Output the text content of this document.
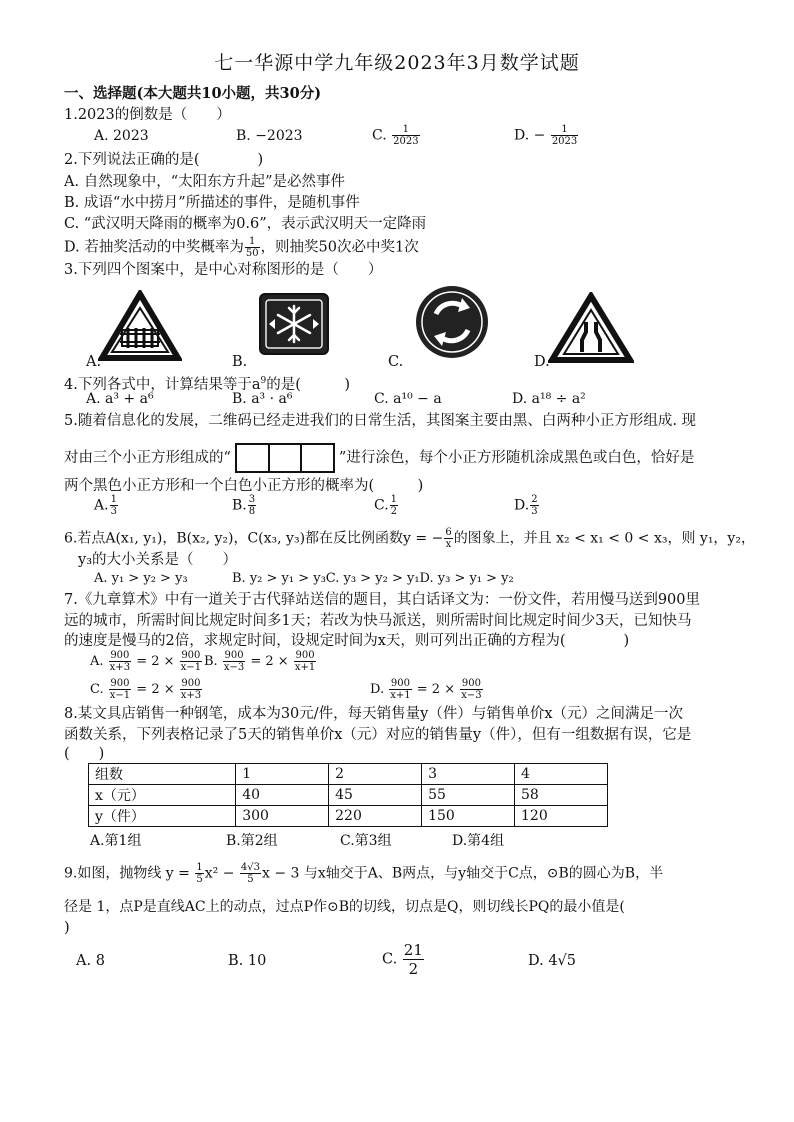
七一华源中学九年级2023年3月数学试题
一、选择题(本大题共10小题，共30分)
1.2023的倒数是（　　）
A. 2023	B. −2023	C. $\frac{1}{2023}$	D. − $\frac{1}{2023}$
2.下列说法正确的是(　　　　)
A. 自然现象中，“太阳东方升起”是必然事件
B. 成语“水中捞月”所描述的事件，是随机事件
C. “武汉明天降雨的概率为0.6”，表示武汉明天一定降雨
D. 若抽奖活动的中奖概率为 $\frac{1}{50}$ ，则抽奖50次必中奖1次
3.下列四个图案中，是中心对称图形的是（　　）
A.	B.	C.	D.
4.下列各式中，计算结果等于$a^9$的是(　　　)
A. a³ + a⁶	B. a³ · a⁶	C. a¹⁰ − a	D. a¹⁸ ÷ a²
5.随着信息化的发展，二维码已经走进我们的日常生活，其图案主要由黑、白两种小正方形组成. 现
对由三个小正方形组成的“	”进行涂色，每个小正方形随机涂成黑色或白色，恰好是
两个黑色小正方形和一个白色小正方形的概率为(　　　)
A. $\frac{1}{3}$	B. $\frac{3}{8}$	C. $\frac{1}{2}$	D. $\frac{2}{3}$
6.若点A(x₁, y₁)，B(x₂, y₂)，C(x₃, y₃)都在反比例函数y = − $\frac{6}{x}$ 的图象上，并且 x₂ < x₁ < 0 < x₃，则 y₁，y₂，
y₃的大小关系是（　　）
A. y₁ > y₂ > y₃	B. y₂ > y₁ > y₃C. y₃ > y₂ > y₁D. y₃ > y₁ > y₂
7.《九章算术》中有一道关于古代驿站送信的题目，其白话译文为：一份文件，若用慢马送到900里
远的城市，所需时间比规定时间多1天；若改为快马派送，则所需时间比规定时间少3天，已知快马
的速度是慢马的2倍，求规定时间，设规定时间为x天，则可列出正确的方程为(　　　　)
A. $\frac{900}{x+3} = 2 \times \frac{900}{x-1} B$. $\frac{900}{x-3} = 2 \times \frac{900}{x+1}$
C. $\frac{900}{x-1} = 2 \times \frac{900}{x+3}$	D. $\frac{900}{x+1} = 2 \times \frac{900}{x-3}$
8.某文具店销售一种钢笔，成本为30元/件，每天销售量y（件）与销售单价x（元）之间满足一次
函数关系，下列表格记录了5天的销售单价x（元）对应的销售量y（件），但有一组数据有误，它是
(　　)
组数	1	2	3	4
x（元）	40	45	55	58
y（件）	300	220	150	120
A.第1组	B.第2组	C.第3组	D.第4组
9.如图，抛物线 $y = \frac{1}{5} x^2 - \frac{4√3}{5}$ x − 3 与x轴交于A、B两点，与y轴交于C点，⊙B的圆心为B，半
径是 1，点P是直线AC上的动点，过点P作⊙B的切线，切点是Q，则切线长PQ的最小值是(
)
A. 8	B. 10	C. $\frac{21}{2}$	D. 4√5
